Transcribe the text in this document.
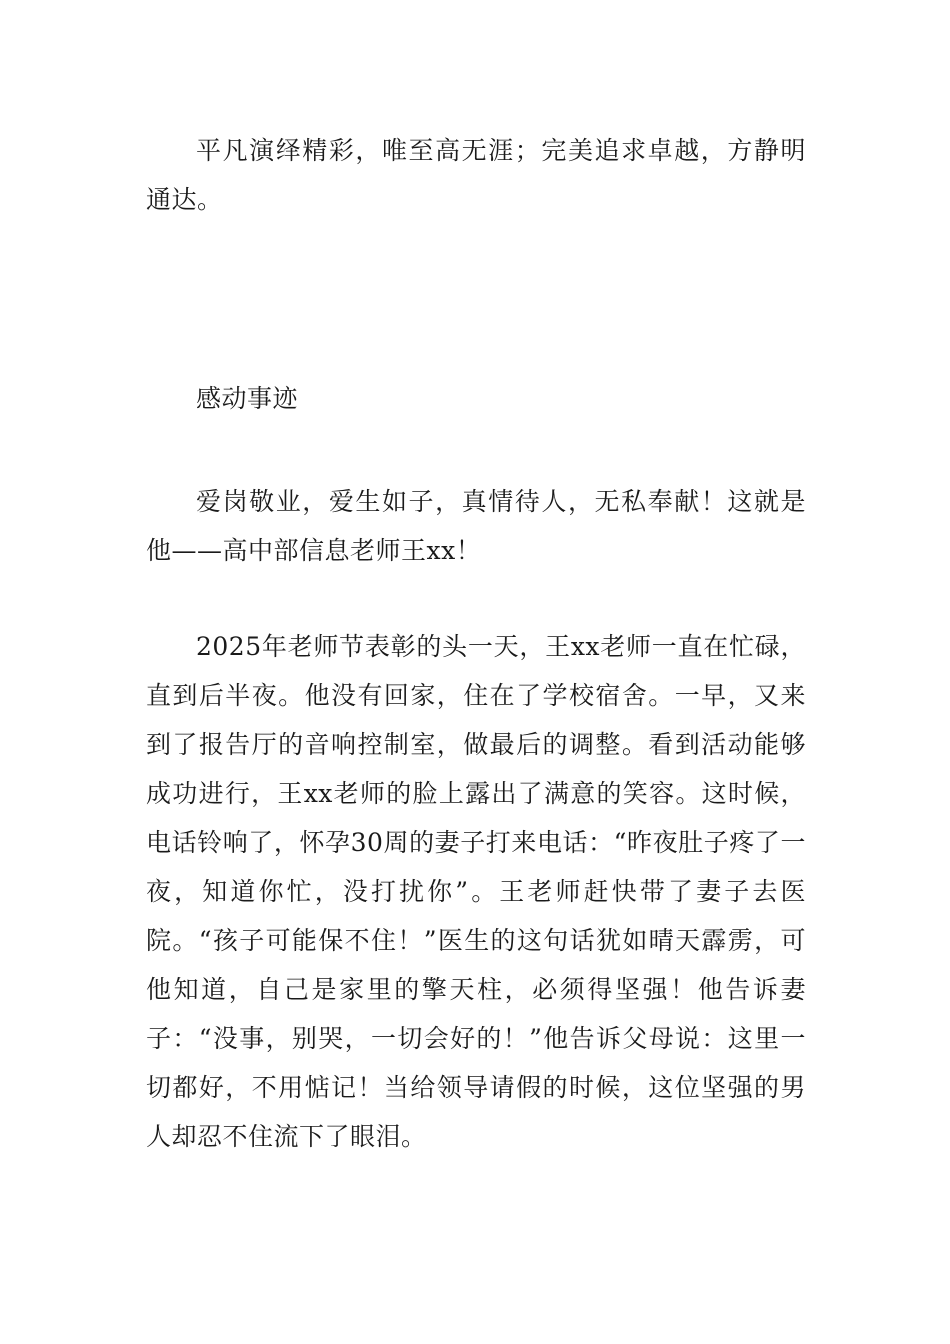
平凡演绎精彩，唯至高无涯；完美追求卓越，方静明通达。

感动事迹

爱岗敬业，爱生如子，真情待人，无私奉献！这就是他——高中部信息老师王xx！

2025年老师节表彰的头一天，王xx老师一直在忙碌，直到后半夜。他没有回家，住在了学校宿舍。一早，又来到了报告厅的音响控制室，做最后的调整。看到活动能够成功进行，王xx老师的脸上露出了满意的笑容。这时候，电话铃响了，怀孕30周的妻子打来电话：“昨夜肚子疼了一夜，知道你忙，没打扰你”。王老师赶快带了妻子去医院。“孩子可能保不住！”医生的这句话犹如晴天霹雳，可他知道，自己是家里的擎天柱，必须得坚强！他告诉妻子：“没事，别哭，一切会好的！”他告诉父母说：这里一切都好，不用惦记！当给领导请假的时候，这位坚强的男人却忍不住流下了眼泪。
